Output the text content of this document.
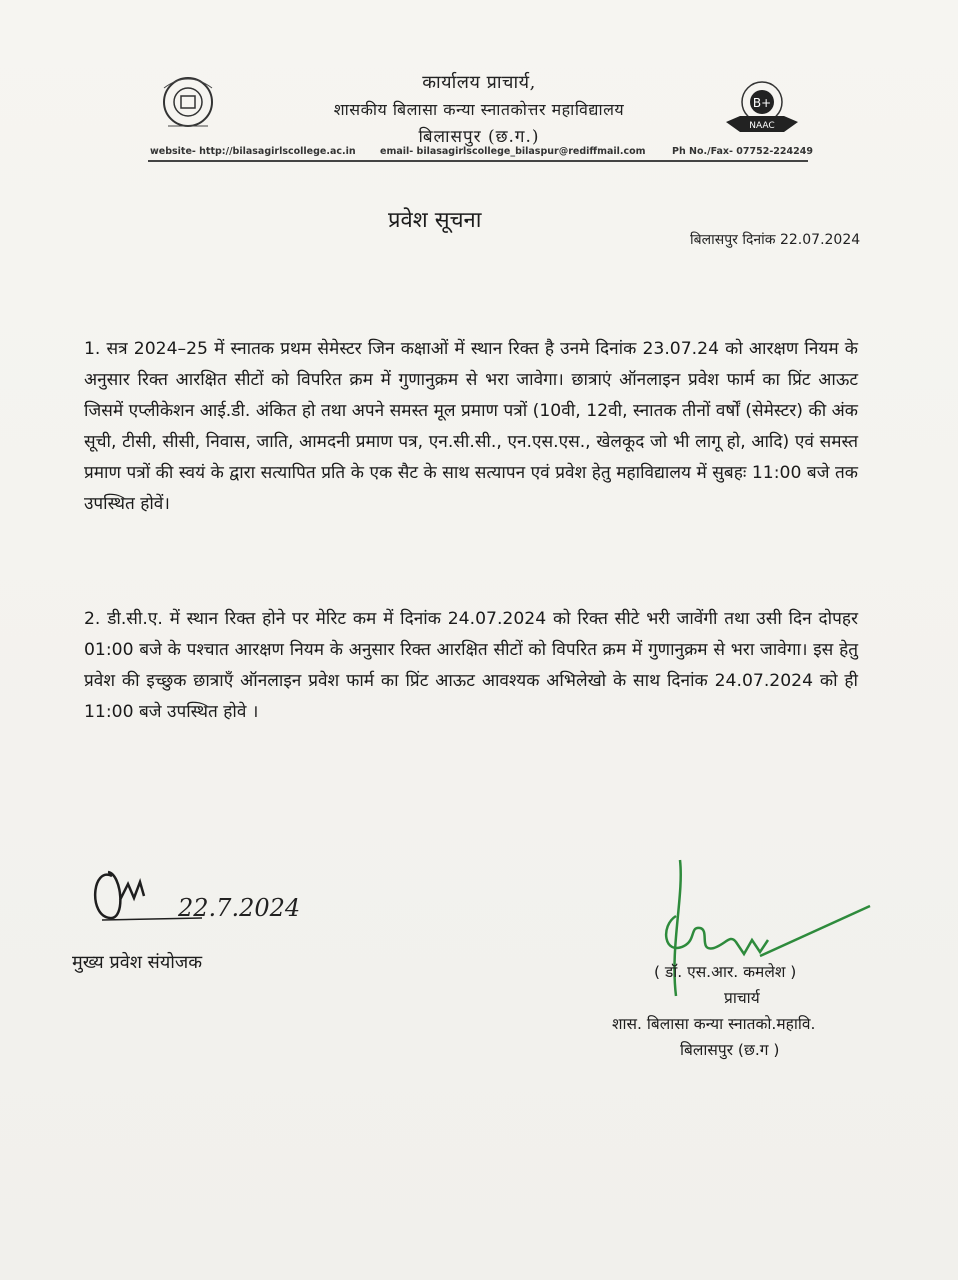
कार्यालय प्राचार्य,
शासकीय बिलासा कन्या स्नातकोत्तर महाविद्यालय
बिलासपुर (छ.ग.)
B+
NAAC
website- http://bilasagirlscollege.ac.in	email- bilasagirlscollege_bilaspur@rediffmail.com	Ph No./Fax- 07752-224249
प्रवेश सूचना
बिलासपुर दिनांक 22.07.2024
1. सत्र 2024–25 में स्नातक प्रथम सेमेस्टर जिन कक्षाओं में स्थान रिक्त है उनमे दिनांक 23.07.24 को आरक्षण नियम के अनुसार रिक्त आरक्षित सीटों को विपरित क्रम में गुणानुक्रम से भरा जावेगा। छात्राएं ऑनलाइन प्रवेश फार्म का प्रिंट आऊट जिसमें एप्लीकेशन आई.डी. अंकित हो तथा अपने समस्त मूल प्रमाण पत्रों (10वी, 12वी, स्नातक तीनों वर्षों (सेमेस्टर) की अंक सूची, टीसी, सीसी, निवास, जाति, आमदनी प्रमाण पत्र, एन.सी.सी., एन.एस.एस., खेलकूद जो भी लागू हो, आदि) एवं समस्त प्रमाण पत्रों की स्वयं के द्वारा सत्यापित प्रति के एक सैट के साथ सत्यापन एवं प्रवेश हेतु महाविद्यालय में सुबहः 11:00 बजे तक उपस्थित होवें।
2. डी.सी.ए. में स्थान रिक्त होने पर मेरिट कम में दिनांक 24.07.2024 को रिक्त सीटे भरी जावेंगी तथा उसी दिन दोपहर 01:00 बजे के पश्चात आरक्षण नियम के अनुसार रिक्त आरक्षित सीटों को विपरित क्रम में गुणानुक्रम से भरा जावेगा। इस हेतु प्रवेश की इच्छुक छात्राएँ ऑनलाइन प्रवेश फार्म का प्रिंट आऊट आवश्यक अभिलेखो के साथ दिनांक 24.07.2024 को ही 11:00 बजे उपस्थित होवे ।
22.7.2024
मुख्य प्रवेश संयोजक	( डॉ. एस.आर. कमलेश )
प्राचार्य
शास. बिलासा कन्या स्नातको.महावि.
बिलासपुर (छ.ग )
